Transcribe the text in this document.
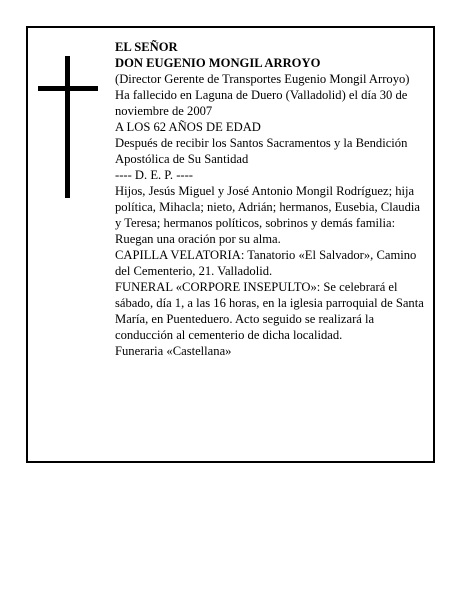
EL SEÑOR

DON EUGENIO MONGIL ARROYO

(Director Gerente de Transportes Eugenio Mongil Arroyo)

Ha fallecido en Laguna de Duero (Valladolid) el día 30 de noviembre de 2007

A LOS 62 AÑOS DE EDAD

Después de recibir los Santos Sacramentos y la Bendición Apostólica de Su Santidad

---- D. E. P. ----

Hijos, Jesús Miguel y José Antonio Mongil Rodríguez; hija política, Mihacla; nieto, Adrián; hermanos, Eusebia, Claudia y Teresa; hermanos políticos, sobrinos y demás familia:

Ruegan una oración por su alma.

CAPILLA VELATORIA: Tanatorio «El Salvador», Camino del Cementerio, 21. Valladolid.

FUNERAL «CORPORE INSEPULTO»: Se celebrará el sábado, día 1, a las 16 horas, en la iglesia parroquial de Santa María, en Puenteduero. Acto seguido se realizará la conducción al cementerio de dicha localidad.

Funeraria «Castellana»
